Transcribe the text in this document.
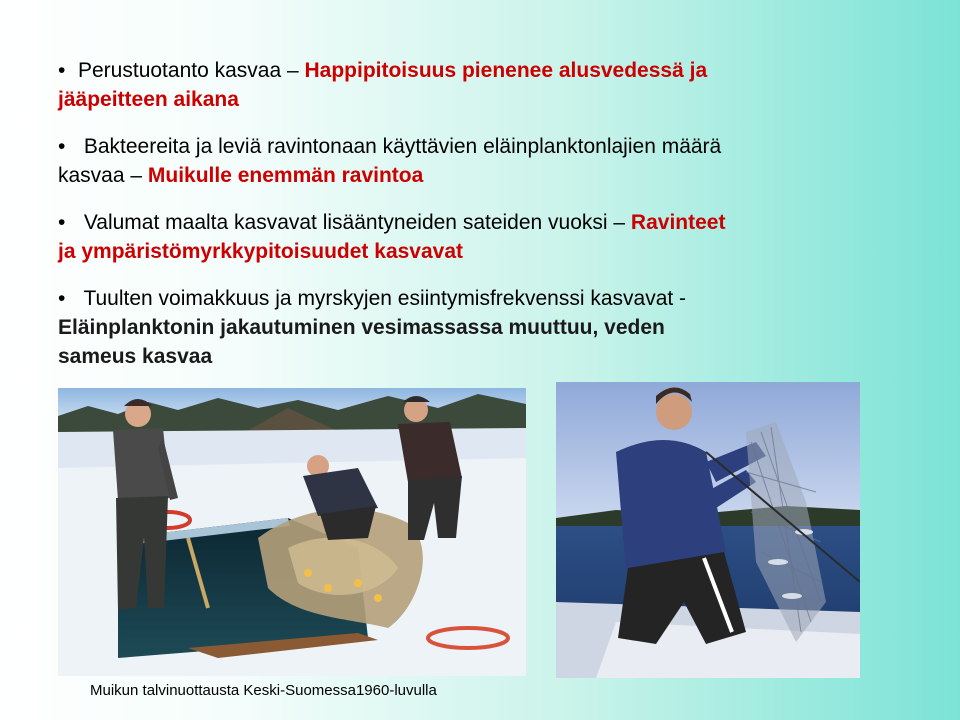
• Perustuotanto kasvaa – Happipitoisuus pienenee alusvedessä ja
jääpeitteen aikana

• Bakteereita ja leviä ravintonaan käyttävien eläinplanktonlajien määrä
kasvaa – Muikulle enemmän ravintoa

• Valumat maalta kasvavat lisääntyneiden sateiden vuoksi – Ravinteet
ja ympäristömyrkkypitoisuudet kasvavat

• Tuulten voimakkuus ja myrskyjen esiintymisfrekvenssi kasvavat -
Eläinplanktonin jakautuminen vesimassassa muuttuu, veden
sameus kasvaa

Muikun talvinuottausta Keski-Suomessa1960-luvulla
